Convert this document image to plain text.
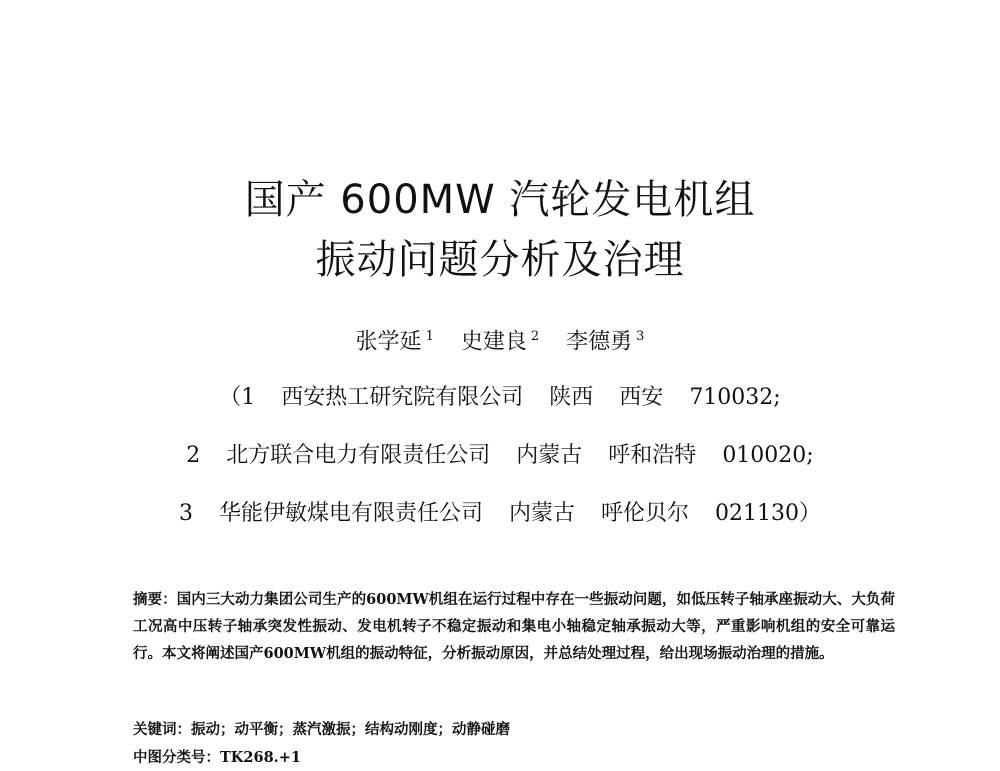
国产 600MW 汽轮发电机组
振动问题分析及治理
张学延 $^1$ 史建良 $^2$ 李德勇 $^3$
（1 西安热工研究院有限公司 陕西 西安 710032;
2 北方联合电力有限责任公司 内蒙古 呼和浩特 010020;
3 华能伊敏煤电有限责任公司 内蒙古 呼伦贝尔 021130）
摘要：国内三大动力集团公司生产的600MW机组在运行过程中存在一些振动问题，如低压转子轴承座振动大、大负荷工况高中压转子轴承突发性振动、发电机转子不稳定振动和集电小轴稳定轴承振动大等，严重影响机组的安全可靠运行。本文将阐述国产600MW机组的振动特征，分析振动原因，并总结处理过程，给出现场振动治理的措施。
关键词：振动；动平衡；蒸汽激振；结构动刚度；动静碰磨
中图分类号：TK268.+1
